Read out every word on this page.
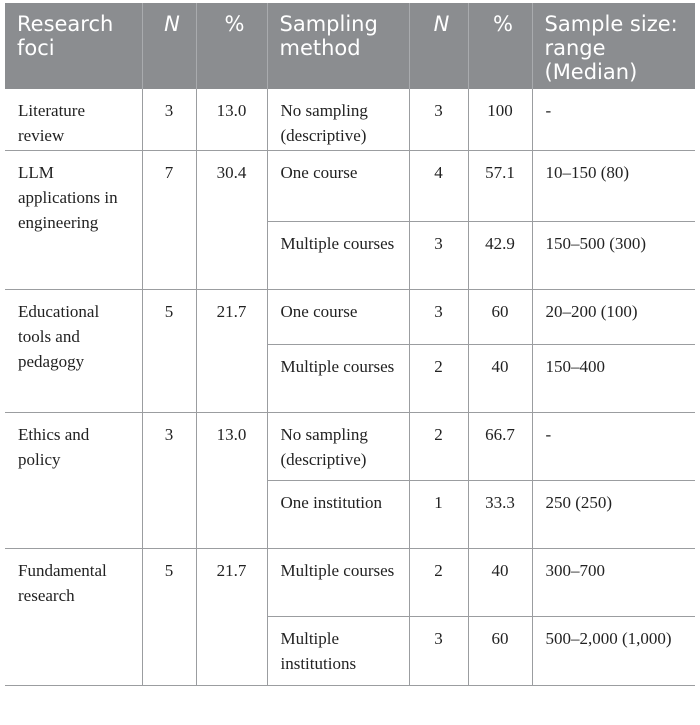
Research foci	N	%	Sampling method	N	%	Sample size: range (Median)
Literature review	3	13.0	No sampling (descriptive)	3	100	-
LLM applications in engineering	7	30.4	One course	4	57.1	10–150 (80)
			Multiple courses	3	42.9	150–500 (300)
Educational tools and pedagogy	5	21.7	One course	3	60	20–200 (100)
			Multiple courses	2	40	150–400
Ethics and policy	3	13.0	No sampling (descriptive)	2	66.7	-
			One institution	1	33.3	250 (250)
Fundamental research	5	21.7	Multiple courses	2	40	300–700
			Multiple institutions	3	60	500–2,000 (1,000)
